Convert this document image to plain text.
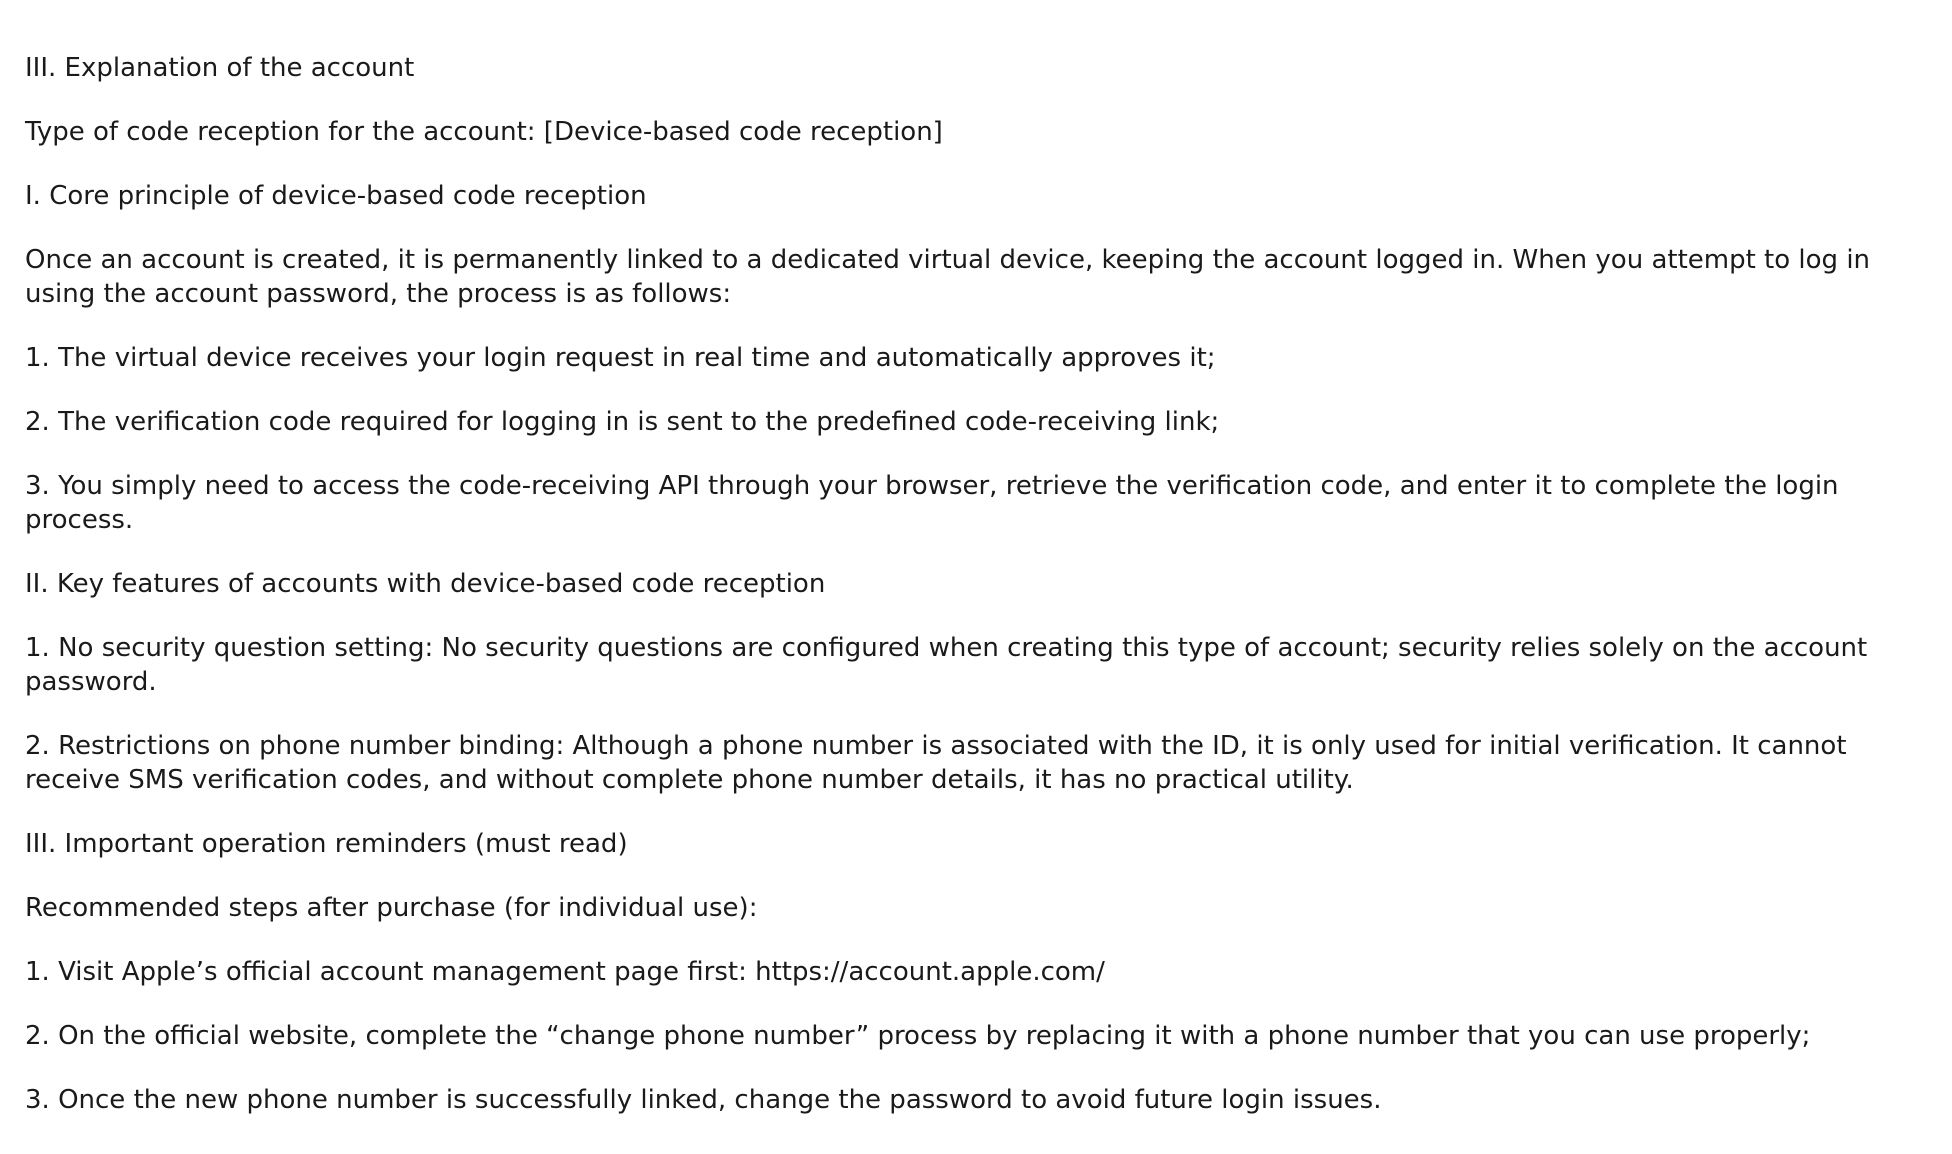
III. Explanation of the account

Type of code reception for the account: [Device-based code reception]

I. Core principle of device-based code reception

Once an account is created, it is permanently linked to a dedicated virtual device, keeping the account logged in. When you attempt to log in using the account password, the process is as follows:

1. The virtual device receives your login request in real time and automatically approves it;

2. The verification code required for logging in is sent to the predefined code-receiving link;

3. You simply need to access the code-receiving API through your browser, retrieve the verification code, and enter it to complete the login process.

II. Key features of accounts with device-based code reception

1. No security question setting: No security questions are configured when creating this type of account; security relies solely on the account password.

2. Restrictions on phone number binding: Although a phone number is associated with the ID, it is only used for initial verification. It cannot receive SMS verification codes, and without complete phone number details, it has no practical utility.

III. Important operation reminders (must read)

Recommended steps after purchase (for individual use):

1. Visit Apple’s official account management page first: https://account.apple.com/

2. On the official website, complete the “change phone number” process by replacing it with a phone number that you can use properly;

3. Once the new phone number is successfully linked, change the password to avoid future login issues.
